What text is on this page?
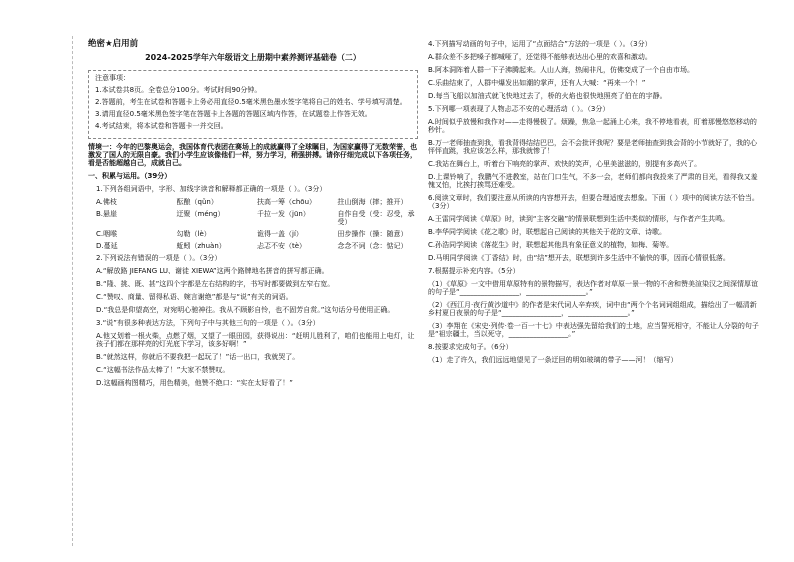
绝密★启用前

2024-2025学年六年级语文上册期中素养测评基础卷（二）

注意事项：

1.本试卷共8页。全卷总分100分。考试时间90分钟。

2.答题前，考生在试卷和答题卡上务必用直径0.5毫米黑色墨水签字笔将自己的姓名、学号填写清楚。

3.请用直径0.5毫米黑色签字笔在答题卡上各题的答题区域内作答，在试题卷上作答无效。

4.考试结束，将本试卷和答题卡一并交回。

情境一：今年的巴黎奥运会，我国体育代表团在赛场上的成就赢得了全球瞩目，为国家赢得了无数荣誉，也激发了国人的无限自豪。我们小学生应该像他们一样，努力学习，稍强拼搏。请你仔细完成以下各项任务，看是否能超越自己，成就自己。

一、积累与运用。（39分）

1.下列各组词语中，字形、加线字读音和解释都正确的一项是（ ）。（3分）

A.佛枝	酝酿（qǔn）	扶高一筹（chōu）	拄山倒海（摔；推开）
B.悬崖	迂聚（méng）	千拉一发（jūn）	自作自受（受：忍受，承受）
C.咽喉	勾勒（lè）	诡得一盖（jí）	田步操作（操：随意）
D.蔓延	蚯蚓（zhuàn）	忐忑不安（tè）	念念不词（念：惦记）

2.下列说法有错误的一项是（ ）。（3分）

A.“解放路 JIEFANG LU、谢徒 XIEWA”这两个路牌地名拼音的拼写都正确。

B.“隆、挑、既、甚”这四个字都是左右结构的字，书写时都要做到左窄右宽。

C.“赞叹、商量、留得私语、婉言谢绝”都是与“说”有关的词语。

D.“我总是仰望高空，对宛明心驰神往。我从不顾影自怜，也不固芳自赏。”这句话分号使用正确。

3.“说”有很多种表达方法，下列句子中与其他三句的一项是（ ）。（3分）

A.他又划着一根火柴，点燃了烟，又望了一眼田园，获得说出：“赶明儿胜利了，咱们也能用上电灯，让孩子们都在那样亮的灯光底下学习，该多好啊！”

B.“就然这样，你就后不要我把一起玩了！”话一出口，我就哭了。

C.“这幅书法作品太棒了！”大家不禁赞叹。

D.这幅画构图精巧，用色精美，他赞不绝口：“实在太好看了！”

4.下列描写动画的句子中，运用了“点面结合”方法的一项是（ ）。（3分）

A.群众差不多把嗓子都喊哑了，还觉得不能够表达出心里的欢喜和激动。

B.阿本洞阵着人群一下子沸腾起来。人山人海，热闹非凡，仿佛变成了一个自由市场。

C.乐曲结束了，人群中爆发出如潮的掌声，还有人大喊：“再来一个！”

D.每当飞船以加油式就飞快地过去了，桥的火焰也很快地照亮了伯在的宇静。

5.下列哪一项表现了人物忐忑不安的心理活动（ ）。（3分）

A.时间似乎放慢和我作对——走得慢极了。烦躁，焦急一起涌上心来，我不停地看表，盯着那慢悠悠移动的秒针。

B.万一老师抽查到我，看我背得结结巴巴，会不会批评我呢？要是老师抽查到我会背的小节就好了，我的心怦怦直跳，我应该怎么样，那我就惨了！

C.我站在舞台上，听着台下响亮的掌声、欢快的笑声，心里美滋滋的，别提有多高兴了。

D.上课铃响了，我鹏气不进教室，站在门口生气，不多一会，老师们都向我投来了严肃的目光，看得我又羞愧又怕，比挨打挨骂还难受。

6.阅读文章时，我们要注意从所读的内容想开去，但要合理适度去想象。下面（ ）项中的阅读方法不恰当。（3分）

A.王雷同学阅读《草原》时，读到“主客交融”的情景联想到生活中类似的情形，与作者产生共鸣。

B.李华同学阅读《花之歌》时，联想起自己阅读的其他关于花的文章、诗歌。

C.孙浩同学阅读《落花生》时，联想起其他具有象征意义的植物，如梅、菊等。

D.马明同学阅读《丁香结》时，由“结”想开去，联想到许多生活中不愉快的事，因而心情很低落。

7.根据提示补充内容。（5分）

（1）《草原》一文中借用草原特有的景物描写，表达作者对草原一景一物的不舍和赞美渲染汉之间深情厚谊的句子是“_________________，_________________。”

（2）《西江月·夜行黄沙道中》的作者是宋代词人辛弃疾，词中由“两个个名词词组组成，描绘出了一幅清新乡村夏日夜景的句子是“_________________，_________________。”

（3）李翔在《宋史·列传·卷一百一十七》中表达强先留给我们的土地，应当誓死相守，不能让人分裂的句子是“祖宗疆土，当以死守，_________________。”

8.按要求完成句子。（6分）

（1）走了许久，我们远远地望见了一条迂回的明如玻璃的带子——河！（缩写）
